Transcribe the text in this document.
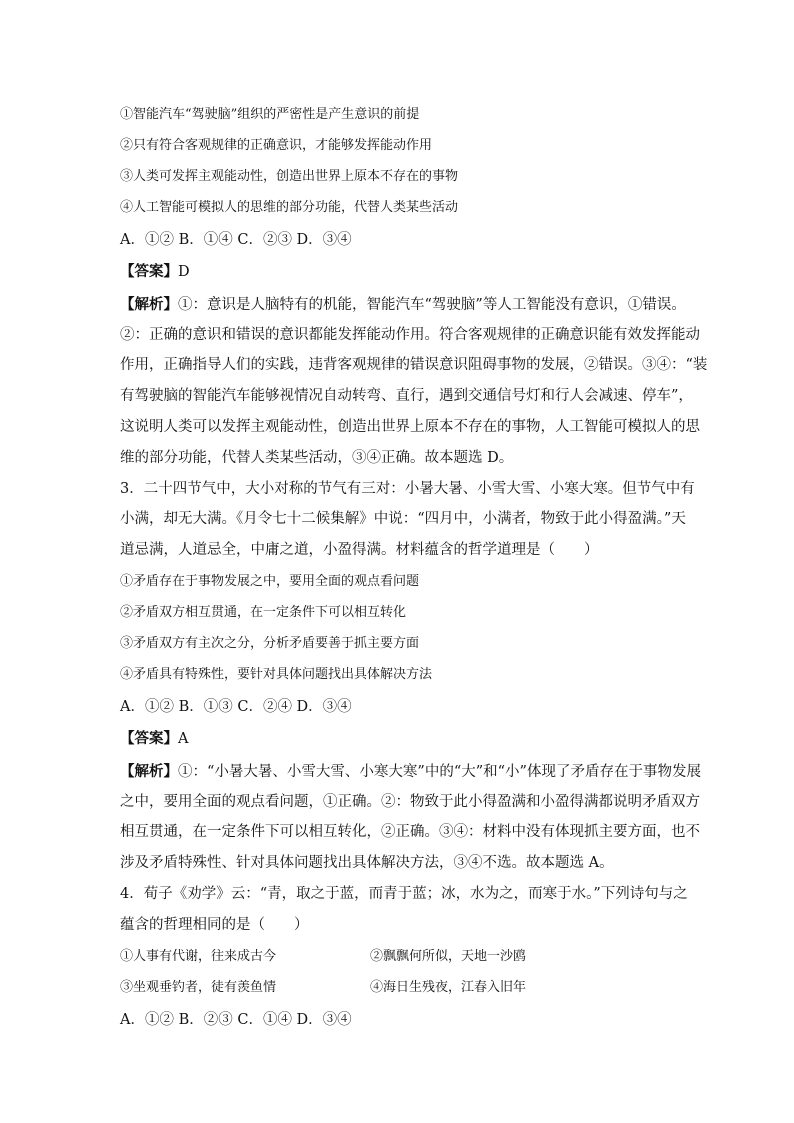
①智能汽车“驾驶脑”组织的严密性是产生意识的前提
②只有符合客观规律的正确意识，才能够发挥能动作用
③人类可发挥主观能动性，创造出世界上原本不存在的事物
④人工智能可模拟人的思维的部分功能，代替人类某些活动
A．①② B．①④ C．②③ D．③④
【答案】D
【解析】①：意识是人脑特有的机能，智能汽车“驾驶脑”等人工智能没有意识，①错误。
②：正确的意识和错误的意识都能发挥能动作用。符合客观规律的正确意识能有效发挥能动
作用，正确指导人们的实践，违背客观规律的错误意识阻碍事物的发展，②错误。③④：“装
有驾驶脑的智能汽车能够视情况自动转弯、直行，遇到交通信号灯和行人会减速、停车”，
这说明人类可以发挥主观能动性，创造出世界上原本不存在的事物，人工智能可模拟人的思
维的部分功能，代替人类某些活动，③④正确。故本题选 D。
3．二十四节气中，大小对称的节气有三对：小暑大暑、小雪大雪、小寒大寒。但节气中有
小满，却无大满。《月令七十二候集解》中说：“四月中，小满者，物致于此小得盈满。”天
道忌满，人道忌全，中庸之道，小盈得满。材料蕴含的哲学道理是（　　）
①矛盾存在于事物发展之中，要用全面的观点看问题
②矛盾双方相互贯通，在一定条件下可以相互转化
③矛盾双方有主次之分，分析矛盾要善于抓主要方面
④矛盾具有特殊性，要针对具体问题找出具体解决方法
A．①② B．①③ C．②④ D．③④
【答案】A
【解析】①：“小暑大暑、小雪大雪、小寒大寒”中的“大”和“小”体现了矛盾存在于事物发展
之中，要用全面的观点看问题，①正确。②：物致于此小得盈满和小盈得满都说明矛盾双方
相互贯通，在一定条件下可以相互转化，②正确。③④：材料中没有体现抓主要方面，也不
涉及矛盾特殊性、针对具体问题找出具体解决方法，③④不选。故本题选 A。
4．荀子《劝学》云：“青，取之于蓝，而青于蓝；冰，水为之，而寒于水。”下列诗句与之
蕴含的哲理相同的是（　　）
①人事有代谢，往来成古今	②飘飘何所似，天地一沙鸥
③坐观垂钓者，徒有羡鱼情	④海日生残夜，江春入旧年
A．①② B．②③ C．①④ D．③④
